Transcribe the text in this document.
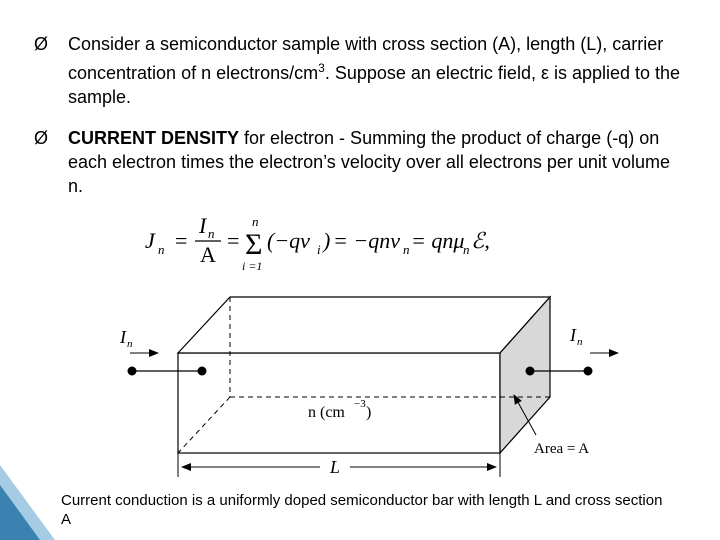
Ø Consider a semiconductor sample with cross section (A), length (L), carrier concentration of n electrons/$cm^3$. Suppose an electric field, ε is applied to the sample.
Ø CURRENT DENSITY for electron - Summing the product of charge (-q) on each electron times the electron’s velocity over all electrons per unit volume n.
J n =
I n
A
=
n
Σ
i =1
(−qv i ) = −qnv n = qnμ
n ℰ,
I n	I n
n (cm −3 )
Area = A
L
Current conduction is a uniformly doped semiconductor bar with length L and cross section A
